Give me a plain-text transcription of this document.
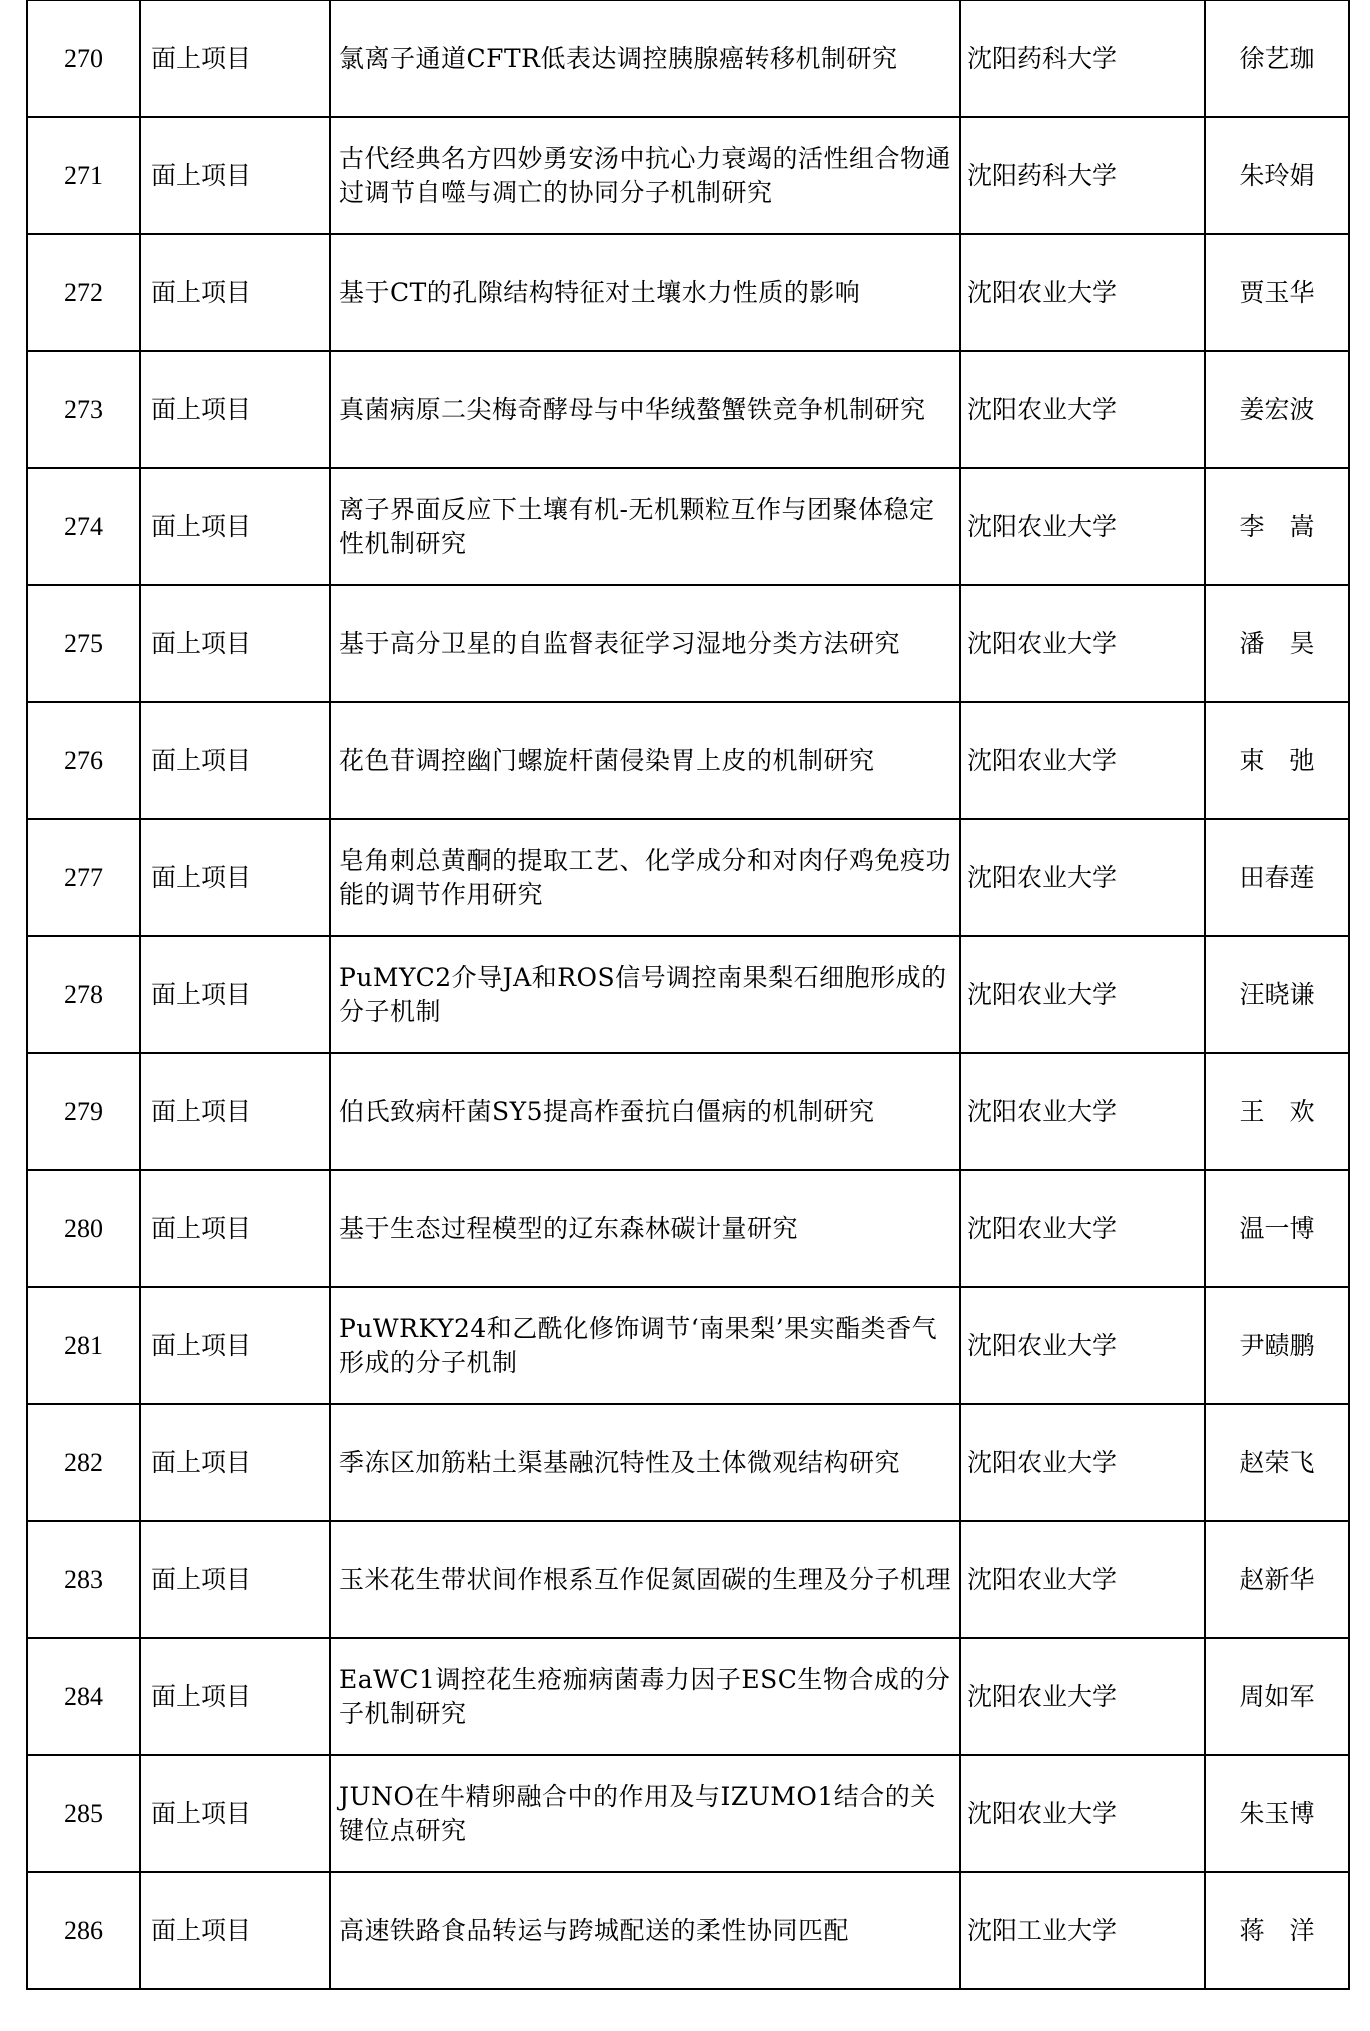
270	面上项目	氯离子通道CFTR低表达调控胰腺癌转移机制研究	沈阳药科大学	徐艺珈
271	面上项目	古代经典名方四妙勇安汤中抗心力衰竭的活性组合物通过调节自噬与凋亡的协同分子机制研究	沈阳药科大学	朱玲娟
272	面上项目	基于CT的孔隙结构特征对土壤水力性质的影响	沈阳农业大学	贾玉华
273	面上项目	真菌病原二尖梅奇酵母与中华绒螯蟹铁竞争机制研究	沈阳农业大学	姜宏波
274	面上项目	离子界面反应下土壤有机-无机颗粒互作与团聚体稳定性机制研究	沈阳农业大学	李　嵩
275	面上项目	基于高分卫星的自监督表征学习湿地分类方法研究	沈阳农业大学	潘　昊
276	面上项目	花色苷调控幽门螺旋杆菌侵染胃上皮的机制研究	沈阳农业大学	束　弛
277	面上项目	皂角刺总黄酮的提取工艺、化学成分和对肉仔鸡免疫功能的调节作用研究	沈阳农业大学	田春莲
278	面上项目	PuMYC2介导JA和ROS信号调控南果梨石细胞形成的分子机制	沈阳农业大学	汪晓谦
279	面上项目	伯氏致病杆菌SY5提高柞蚕抗白僵病的机制研究	沈阳农业大学	王　欢
280	面上项目	基于生态过程模型的辽东森林碳计量研究	沈阳农业大学	温一博
281	面上项目	PuWRKY24和乙酰化修饰调节‘南果梨’果实酯类香气形成的分子机制	沈阳农业大学	尹赜鹏
282	面上项目	季冻区加筋粘土渠基融沉特性及土体微观结构研究	沈阳农业大学	赵荣飞
283	面上项目	玉米花生带状间作根系互作促氮固碳的生理及分子机理	沈阳农业大学	赵新华
284	面上项目	EaWC1调控花生疮痂病菌毒力因子ESC生物合成的分子机制研究	沈阳农业大学	周如军
285	面上项目	JUNO在牛精卵融合中的作用及与IZUMO1结合的关键位点研究	沈阳农业大学	朱玉博
286	面上项目	高速铁路食品转运与跨城配送的柔性协同匹配	沈阳工业大学	蒋　洋
